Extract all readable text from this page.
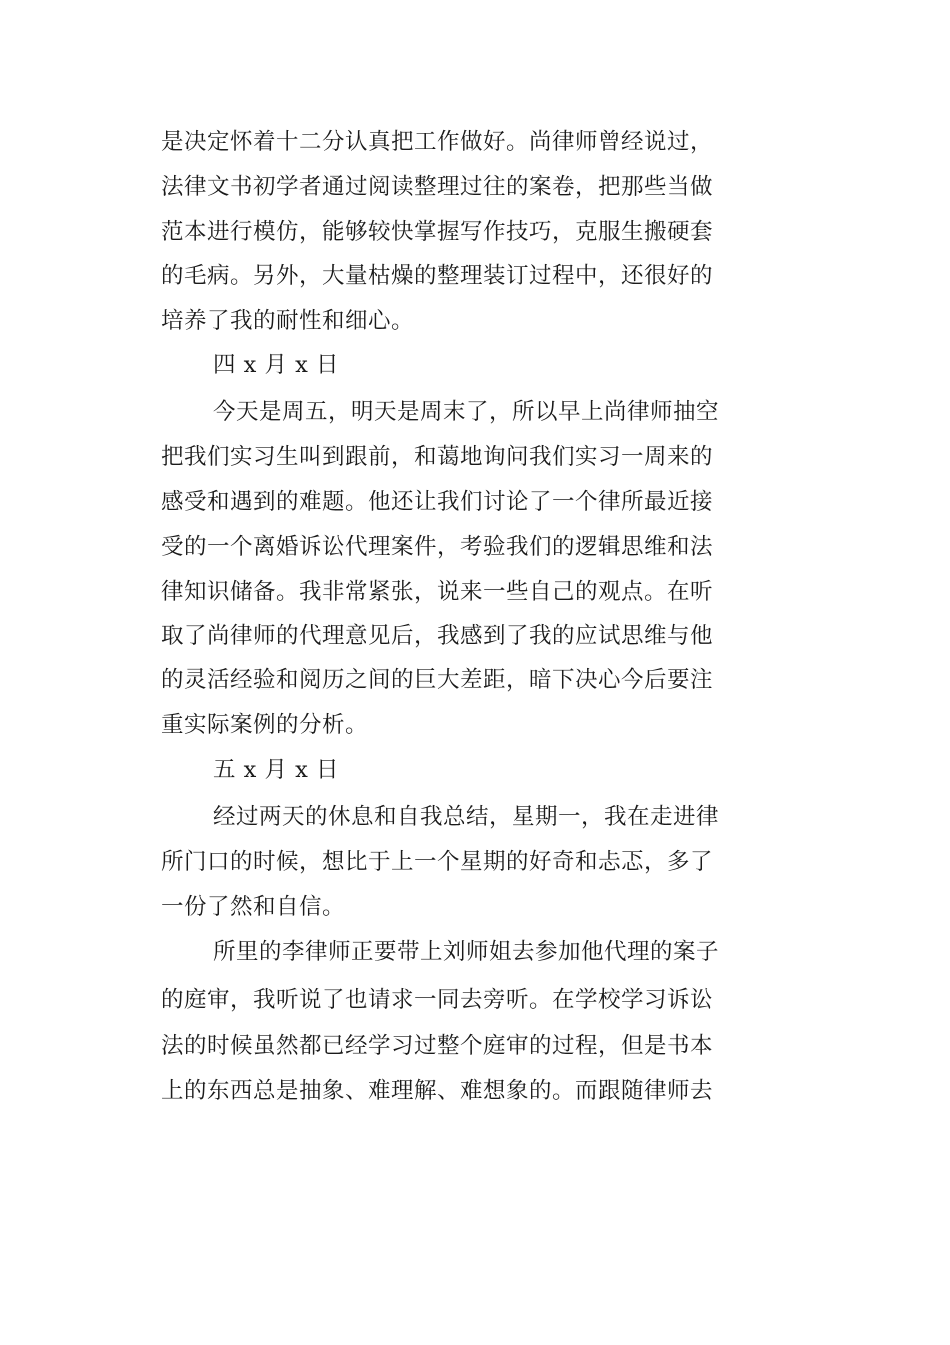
是决定怀着十二分认真把工作做好。尚律师曾经说过，

法律文书初学者通过阅读整理过往的案卷，把那些当做

范本进行模仿，能够较快掌握写作技巧，克服生搬硬套

的毛病。另外，大量枯燥的整理装订过程中，还很好的

培养了我的耐性和细心。

四 x 月 x 日

今天是周五，明天是周末了，所以早上尚律师抽空

把我们实习生叫到跟前，和蔼地询问我们实习一周来的

感受和遇到的难题。他还让我们讨论了一个律所最近接

受的一个离婚诉讼代理案件，考验我们的逻辑思维和法

律知识储备。我非常紧张，说来一些自己的观点。在听

取了尚律师的代理意见后，我感到了我的应试思维与他

的灵活经验和阅历之间的巨大差距，暗下决心今后要注

重实际案例的分析。

五 x 月 x 日

经过两天的休息和自我总结，星期一，我在走进律

所门口的时候，想比于上一个星期的好奇和忐忑，多了

一份了然和自信。

所里的李律师正要带上刘师姐去参加他代理的案子

的庭审，我听说了也请求一同去旁听。在学校学习诉讼

法的时候虽然都已经学习过整个庭审的过程，但是书本

上的东西总是抽象、难理解、难想象的。而跟随律师去
